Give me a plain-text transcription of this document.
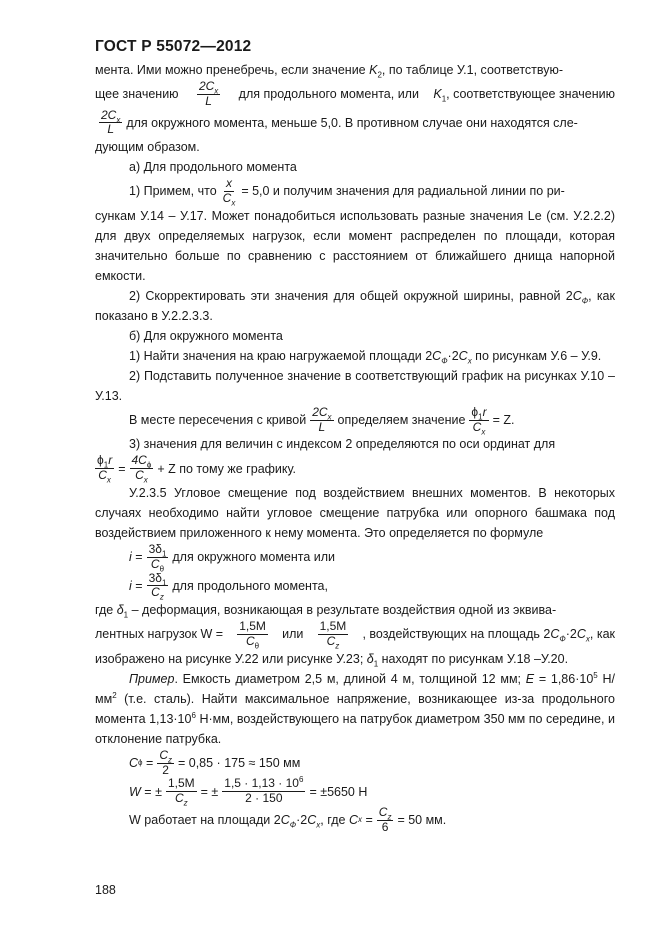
ГОСТ Р 55072—2012

мента. Ими можно пренебречь, если значение $K_2$, по таблице У.1, соответствую-

щее значению $\frac{2C_x}{L}$ для продольного момента, или $K_1$, соответствующее значению
$\frac{2C_x}{L}$ для окружного момента, меньше 5,0. В противном случае они находятся сле-

дующим образом.

а) Для продольного момента

1) Примем, что $\frac{x}{C_x} = 5,0$ и получим значения для радиальной линии по ри-

сункам У.14 – У.17. Может понадобиться использовать разные значения Le (см. У.2.2.2) для двух определяемых нагрузок, если момент распределен по площади, которая значительно больше по сравнению с расстоянием от ближайшего днища напорной емкости.

2) Скорректировать эти значения для общей окружной ширины, равной $2C_Ф$, как показано в У.2.2.3.3.

б) Для окружного момента

1) Найти значения на краю нагружаемой площади $2C_Ф\cdot 2C_x$ по рисункам У.6 – У.9.

2) Подставить полученное значение в соответствующий график на рисунках У.10 – У.13.

В месте пересечения с кривой $\frac{2C_x}{L}$ определяем значение $\frac{\phi_1r}{C_x} = Z$.

3) значения для величин с индексом 2 определяются по оси ординат для

$\frac{\phi_1r}{C_x} = \frac{4C_\phi}{C_x} + Z$ по тому же графику.

У.2.3.5 Угловое смещение под воздействием внешних моментов. В некоторых случаях необходимо найти угловое смещение патрубка или опорного башмака под воздействием приложенного к нему момента. Это определяется по формуле

i
= $\frac{3\delta_1}{C_\theta}$ для окружного момента или
i
= $\frac{3\delta_1}{C_z}$ для продольного момента,

где $\delta_1$ – деформация, возникающая в результате воздействия одной из эквива-

лентных нагрузок $W = \frac{1,5M}{C_\theta}$ или $\frac{1,5M}{C_z}$ , воздействующих на площадь $2C_Ф\cdot 2C_x$, как

изображено на рисунке У.22 или рисунке У.23; $\delta_1$ находят по рисункам У.18 –У.20.

Пример. Емкость диаметром 2,5 м, длиной 4 м, толщиной 12 мм; $E = 1,86\cdot 10^5$ $Н/мм^2$ (т.е. сталь). Найти максимальное напряжение, возникающее из-за продольного момента $1,13\cdot 10^6$ Н·мм, воздействующего на патрубок диаметром 350 мм по середине, и отклонение патрубка.

C ϕ
= $\frac{C_z}{2} = 0,85 \cdot 175 \approx 150$ мм
W
= ± $\frac{1,5M}{C_z}$ = ± $\frac{1,5 \cdot 1,13 \cdot 10^6}{2 \cdot 150} = \pm 5650$ Н
W работает на площади $2C_Ф\cdot 2C_x$, где
C x
= $\frac{C_z}{6} = 50$ мм.
188
